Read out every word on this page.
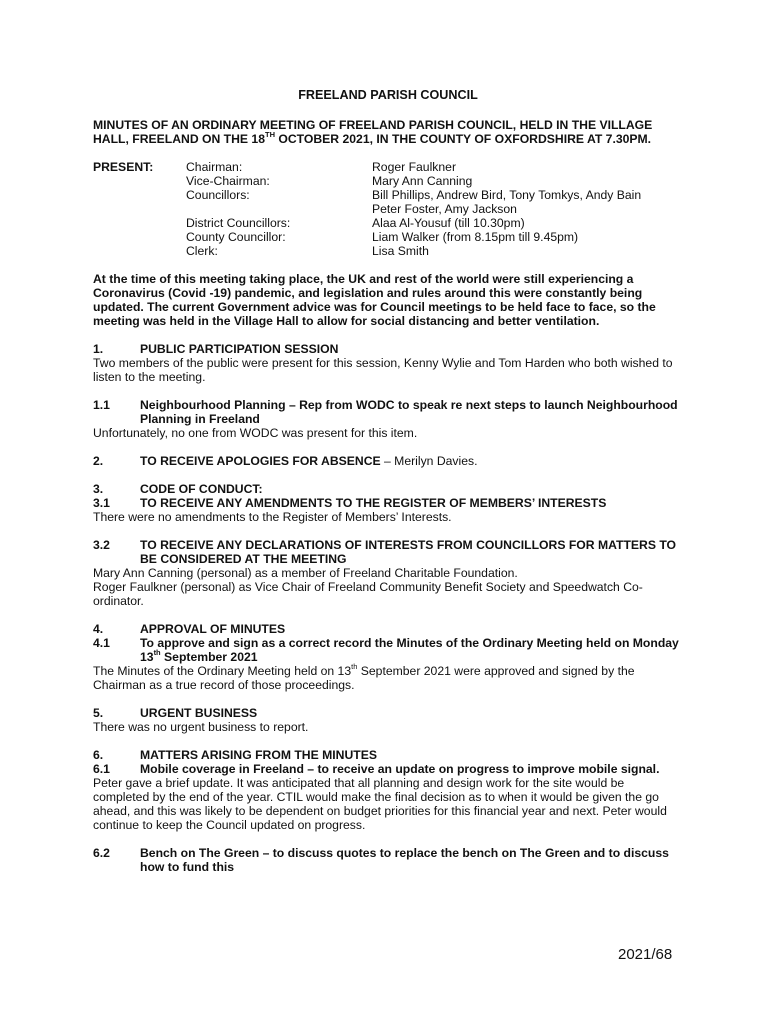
FREELAND PARISH COUNCIL

MINUTES OF AN ORDINARY MEETING OF FREELAND PARISH COUNCIL, HELD IN THE VILLAGE HALL, FREELAND ON THE 18TH OCTOBER 2021, IN THE COUNTY OF OXFORDSHIRE AT 7.30PM.

PRESENT:	Chairman:	Roger Faulkner
Vice-Chairman:	Mary Ann Canning
Councillors:	Bill Phillips, Andrew Bird, Tony Tomkys, Andy Bain
Peter Foster, Amy Jackson
District Councillors:	Alaa Al-Yousuf (till 10.30pm)
County Councillor:	Liam Walker (from 8.15pm till 9.45pm)
Clerk:	Lisa Smith

At the time of this meeting taking place, the UK and rest of the world were still experiencing a Coronavirus (Covid -19) pandemic, and legislation and rules around this were constantly being updated. The current Government advice was for Council meetings to be held face to face, so the meeting was held in the Village Hall to allow for social distancing and better ventilation.

1.	PUBLIC PARTICIPATION SESSION

Two members of the public were present for this session, Kenny Wylie and Tom Harden who both wished to listen to the meeting.

1.1	Neighbourhood Planning – Rep from WODC to speak re next steps to launch Neighbourhood Planning in Freeland

Unfortunately, no one from WODC was present for this item.

2.	TO RECEIVE APOLOGIES FOR ABSENCE – Merilyn Davies.
3.	CODE OF CONDUCT:
3.1	TO RECEIVE ANY AMENDMENTS TO THE REGISTER OF MEMBERS’ INTERESTS

There were no amendments to the Register of Members’ Interests.

3.2	TO RECEIVE ANY DECLARATIONS OF INTERESTS FROM COUNCILLORS FOR MATTERS TO BE CONSIDERED AT THE MEETING

Mary Ann Canning (personal) as a member of Freeland Charitable Foundation.

Roger Faulkner (personal) as Vice Chair of Freeland Community Benefit Society and Speedwatch Co-ordinator.

4.	APPROVAL OF MINUTES
4.1	To approve and sign as a correct record the Minutes of the Ordinary Meeting held on Monday 13th September 2021

The Minutes of the Ordinary Meeting held on 13th September 2021 were approved and signed by the Chairman as a true record of those proceedings.

5.	URGENT BUSINESS

There was no urgent business to report.

6.	MATTERS ARISING FROM THE MINUTES
6.1	Mobile coverage in Freeland – to receive an update on progress to improve mobile signal.

Peter gave a brief update. It was anticipated that all planning and design work for the site would be completed by the end of the year. CTIL would make the final decision as to when it would be given the go ahead, and this was likely to be dependent on budget priorities for this financial year and next. Peter would continue to keep the Council updated on progress.

6.2	Bench on The Green – to discuss quotes to replace the bench on The Green and to discuss how to fund this
2021/68
